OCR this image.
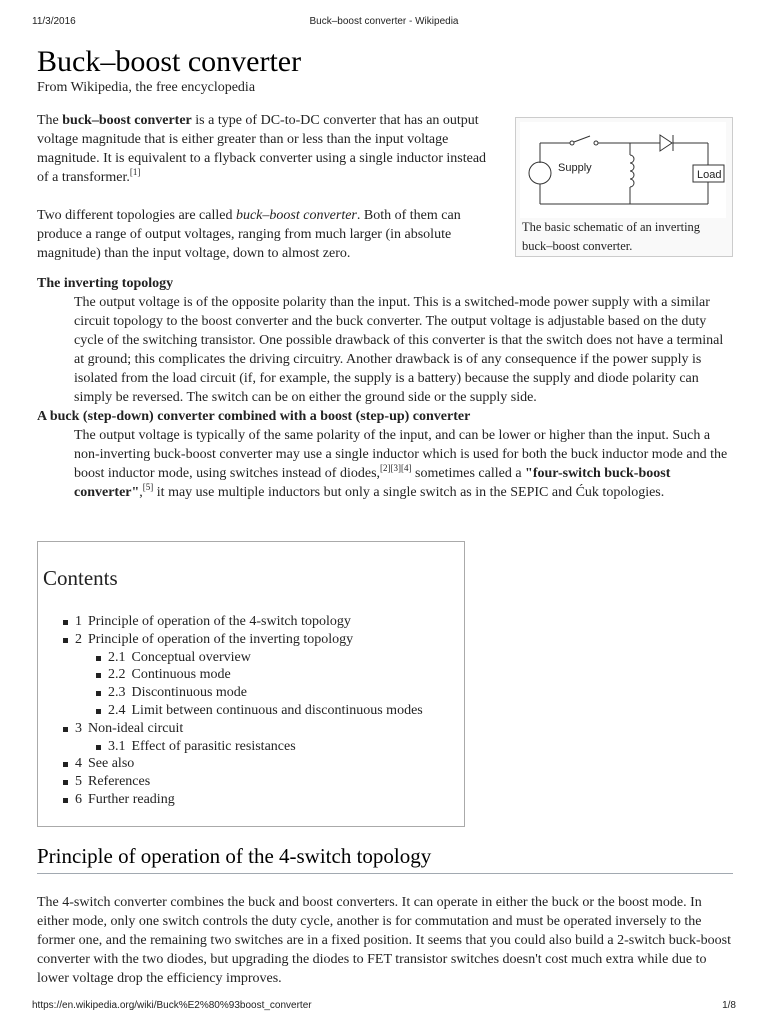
11/3/2016	Buck–boost converter - Wikipedia
Buck–boost converter
From Wikipedia, the free encyclopedia
Supply
Load
The basic schematic of an inverting buck–boost converter.

The buck–boost converter is a type of DC-to-DC converter that has an output voltage magnitude that is either greater than or less than the input voltage magnitude. It is equivalent to a flyback converter using a single inductor instead of a transformer.[1]

Two different topologies are called buck–boost converter. Both of them can produce a range of output voltages, ranging from much larger (in absolute magnitude) than the input voltage, down to almost zero.

The inverting topology

The output voltage is of the opposite polarity than the input. This is a switched-mode power supply with a similar circuit topology to the boost converter and the buck converter. The output voltage is adjustable based on the duty cycle of the switching transistor. One possible drawback of this converter is that the switch does not have a terminal at ground; this complicates the driving circuitry. Another drawback is of any consequence if the power supply is isolated from the load circuit (if, for example, the supply is a battery) because the supply and diode polarity can simply be reversed. The switch can be on either the ground side or the supply side.

A buck (step-down) converter combined with a boost (step-up) converter

The output voltage is typically of the same polarity of the input, and can be lower or higher than the input. Such a non-inverting buck-boost converter may use a single inductor which is used for both the buck inductor mode and the boost inductor mode, using switches instead of diodes,[2][3][4] sometimes called a "four-switch buck-boost converter",[5] it may use multiple inductors but only a single switch as in the SEPIC and Ćuk topologies.

Contents
1 Principle of operation of the 4-switch topology
2 Principle of operation of the inverting topology
2.1 Conceptual overview
2.2 Continuous mode
2.3 Discontinuous mode
2.4 Limit between continuous and discontinuous modes
3 Non-ideal circuit
3.1 Effect of parasitic resistances
4 See also
5 References
6 Further reading
Principle of operation of the 4-switch topology

The 4-switch converter combines the buck and boost converters. It can operate in either the buck or the boost mode. In either mode, only one switch controls the duty cycle, another is for commutation and must be operated inversely to the former one, and the remaining two switches are in a fixed position. It seems that you could also build a 2-switch buck-boost converter with the two diodes, but upgrading the diodes to FET transistor switches doesn't cost much extra while due to lower voltage drop the efficiency improves.

https://en.wikipedia.org/wiki/Buck%E2%80%93boost_converter	1/8
